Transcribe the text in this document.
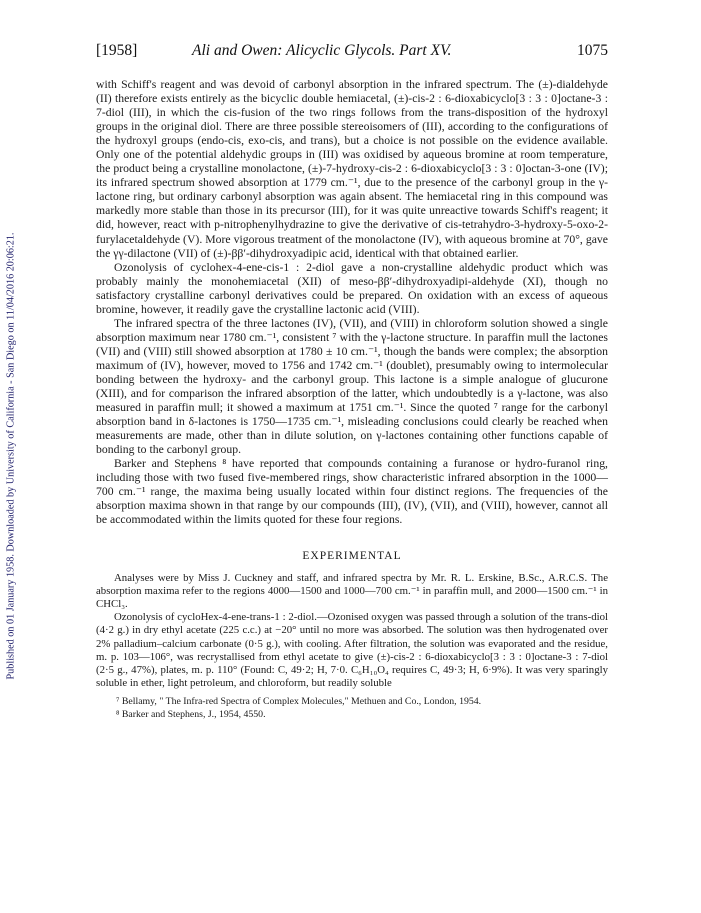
Published on 01 January 1958. Downloaded by University of California - San Diego on 11/04/2016 20:06:21.
[1958]	Ali and Owen: Alicyclic Glycols. Part XV.	1075

with Schiff's reagent and was devoid of carbonyl absorption in the infrared spectrum. The (±)-dialdehyde (II) therefore exists entirely as the bicyclic double hemiacetal, (±)-cis-2 : 6-dioxabicyclo[3 : 3 : 0]octane-3 : 7-diol (III), in which the cis-fusion of the two rings follows from the trans-disposition of the hydroxyl groups in the original diol. There are three possible stereoisomers of (III), according to the configurations of the hydroxyl groups (endo-cis, exo-cis, and trans), but a choice is not possible on the evidence available. Only one of the potential aldehydic groups in (III) was oxidised by aqueous bromine at room temperature, the product being a crystalline monolactone, (±)-7-hydroxy-cis-2 : 6-dioxabicyclo[3 : 3 : 0]octan-3-one (IV); its infrared spectrum showed absorption at 1779 cm.⁻¹, due to the presence of the carbonyl group in the γ-lactone ring, but ordinary carbonyl absorption was again absent. The hemiacetal ring in this compound was markedly more stable than those in its precursor (III), for it was quite unreactive towards Schiff's reagent; it did, however, react with p-nitrophenylhydrazine to give the derivative of cis-tetrahydro-3-hydroxy-5-oxo-2-furylacetaldehyde (V). More vigorous treatment of the monolactone (IV), with aqueous bromine at 70°, gave the γγ-dilactone (VII) of (±)-ββ′-dihydroxyadipic acid, identical with that obtained earlier.

Ozonolysis of cyclohex-4-ene-cis-1 : 2-diol gave a non-crystalline aldehydic product which was probably mainly the monohemiacetal (XII) of meso-ββ′-dihydroxyadipi-aldehyde (XI), though no satisfactory crystalline carbonyl derivatives could be prepared. On oxidation with an excess of aqueous bromine, however, it readily gave the crystalline lactonic acid (VIII).

The infrared spectra of the three lactones (IV), (VII), and (VIII) in chloroform solution showed a single absorption maximum near 1780 cm.⁻¹, consistent ⁷ with the γ-lactone structure. In paraffin mull the lactones (VII) and (VIII) still showed absorption at 1780 ± 10 cm.⁻¹, though the bands were complex; the absorption maximum of (IV), however, moved to 1756 and 1742 cm.⁻¹ (doublet), presumably owing to intermolecular bonding between the hydroxy- and the carbonyl group. This lactone is a simple analogue of glucurone (XIII), and for comparison the infrared absorption of the latter, which undoubtedly is a γ-lactone, was also measured in paraffin mull; it showed a maximum at 1751 cm.⁻¹. Since the quoted ⁷ range for the carbonyl absorption band in δ-lactones is 1750—1735 cm.⁻¹, misleading conclusions could clearly be reached when measurements are made, other than in dilute solution, on γ-lactones containing other functions capable of bonding to the carbonyl group.

Barker and Stephens ⁸ have reported that compounds containing a furanose or hydro-furanol ring, including those with two fused five-membered rings, show characteristic infrared absorption in the 1000—700 cm.⁻¹ range, the maxima being usually located within four distinct regions. The frequencies of the absorption maxima shown in that range by our compounds (III), (IV), (VII), and (VIII), however, cannot all be accommodated within the limits quoted for these four regions.

EXPERIMENTAL

Analyses were by Miss J. Cuckney and staff, and infrared spectra by Mr. R. L. Erskine, B.Sc., A.R.C.S. The absorption maxima refer to the regions 4000—1500 and 1000—700 cm.⁻¹ in paraffin mull, and 2000—1500 cm.⁻¹ in CHCl₃.

Ozonolysis of cycloHex-4-ene-trans-1 : 2-diol.—Ozonised oxygen was passed through a solution of the trans-diol (4·2 g.) in dry ethyl acetate (225 c.c.) at −20° until no more was absorbed. The solution was then hydrogenated over 2% palladium–calcium carbonate (0·5 g.), with cooling. After filtration, the solution was evaporated and the residue, m. p. 103—106°, was recrystallised from ethyl acetate to give (±)-cis-2 : 6-dioxabicyclo[3 : 3 : 0]octane-3 : 7-diol (2·5 g., 47%), plates, m. p. 110° (Found: C, 49·2; H, 7·0. C₆H₁₀O₄ requires C, 49·3; H, 6·9%). It was very sparingly soluble in ether, light petroleum, and chloroform, but readily soluble

⁷ Bellamy, " The Infra-red Spectra of Complex Molecules," Methuen and Co., London, 1954.

⁸ Barker and Stephens, J., 1954, 4550.
